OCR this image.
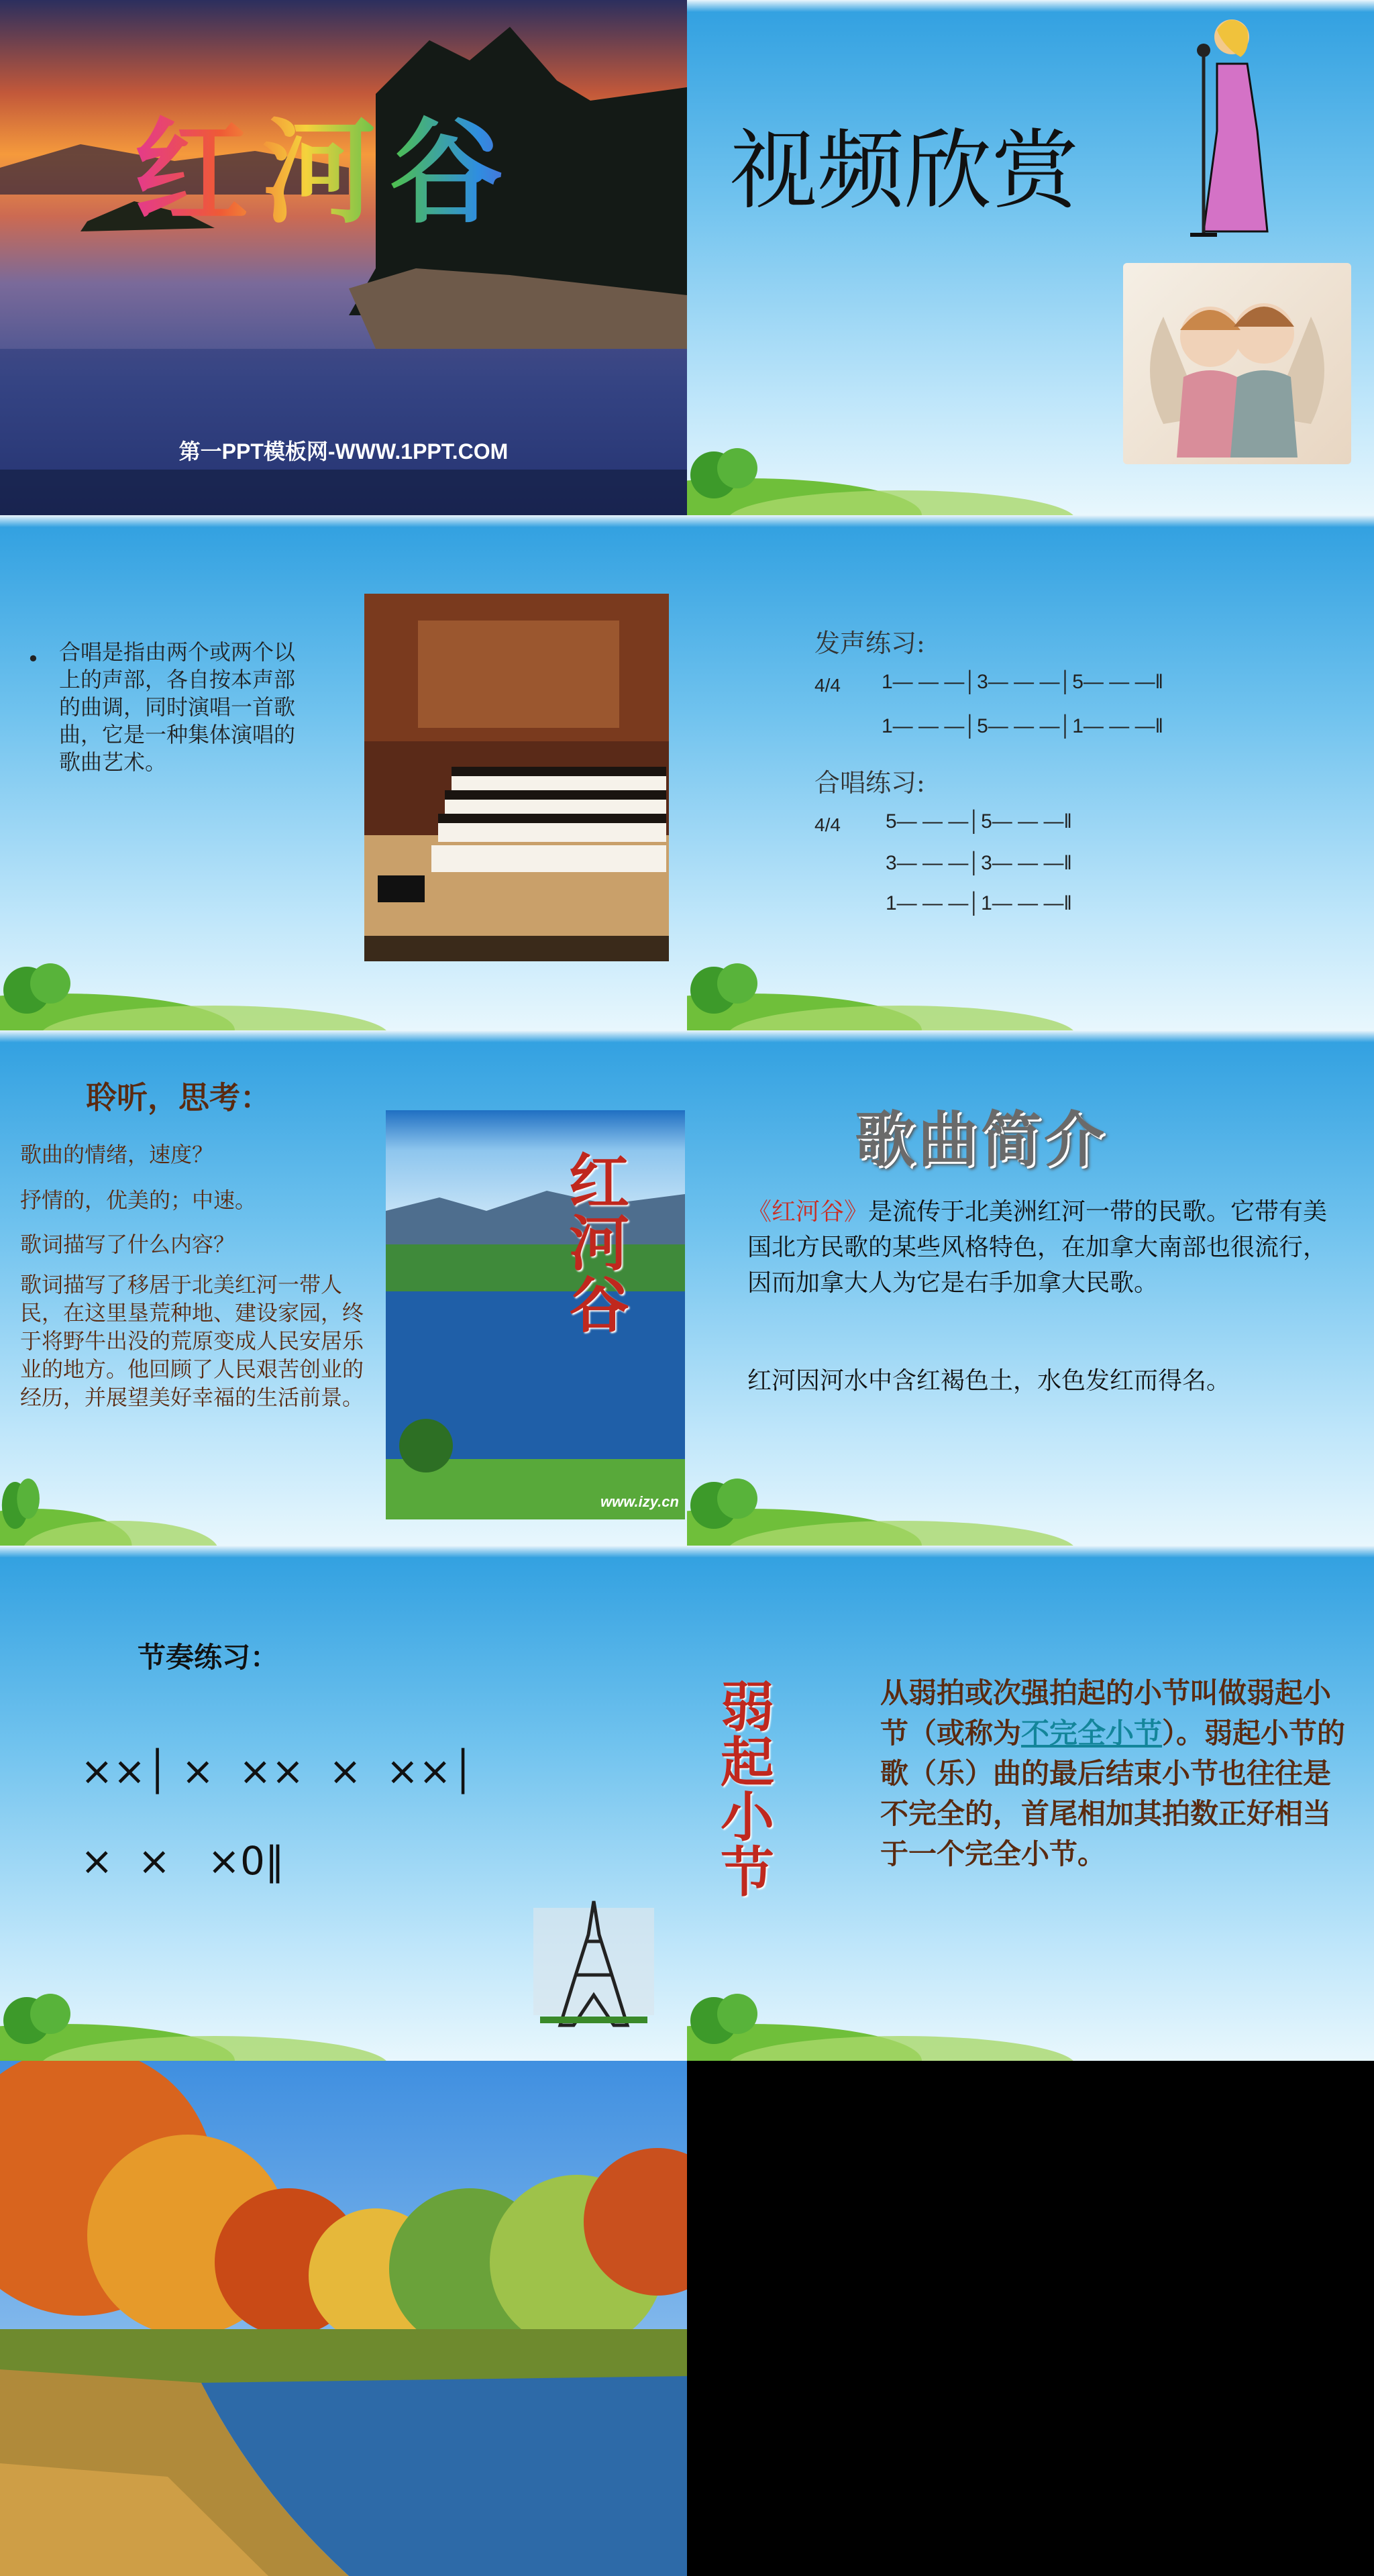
红河谷
第一PPT模板网-WWW.1PPT.COM
视频欣赏
• 合唱是指由两个或两个以上的声部，各自按本声部的曲调，同时演唱一首歌曲，它是一种集体演唱的歌曲艺术。
发声练习:
4/4 1— — —│3— — —│5— — —‖
1— — —│5— — —│1— — —‖
合唱练习:
4/4 5— — —│5— — —‖
3— — —│3— — —‖
1— — —│1— — —‖
聆听，思考：
歌曲的情绪，速度？
抒情的，优美的；中速。
歌词描写了什么内容？
歌词描写了移居于北美红河一带人民，在这里垦荒种地、建设家园，终于将野牛出没的荒原变成人民安居乐业的地方。他回顾了人民艰苦创业的经历，并展望美好幸福的生活前景。
红河谷
www.izy.cn
歌曲简介
《红河谷》是流传于北美洲红河一带的民歌。它带有美国北方民歌的某些风格特色，在加拿大南部也很流行，因而加拿大人为它是右手加拿大民歌。
红河因河水中含红褐色土，水色发红而得名。
节奏练习：
××│ ×  ××  ×  ××│
×  ×   ×0‖
弱起小节
从弱拍或次强拍起的小节叫做弱起小节（或称为不完全小节）。弱起小节的歌（乐）曲的最后结束小节也往往是不完全的，首尾相加其拍数正好相当于一个完全小节。
